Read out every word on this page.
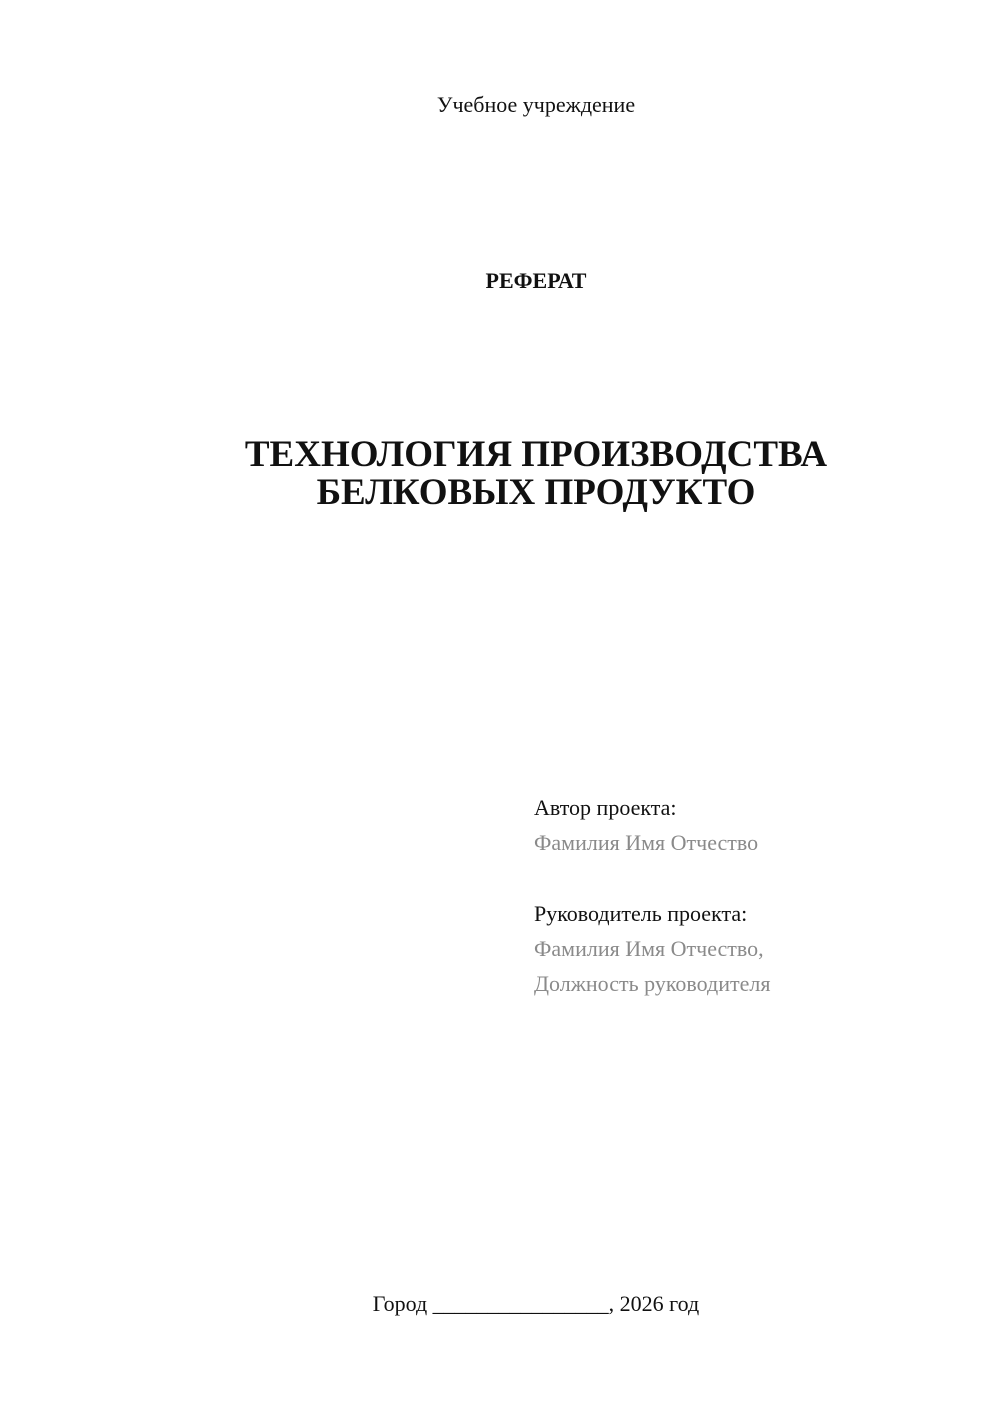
Учебное учреждение
РЕФЕРАТ
ТЕХНОЛОГИЯ ПРОИЗВОДСТВА
БЕЛКОВЫХ ПРОДУКТО
Автор проекта:
Фамилия Имя Отчество
Руководитель проекта:
Фамилия Имя Отчество,
Должность руководителя
Город ________________, 2026 год
